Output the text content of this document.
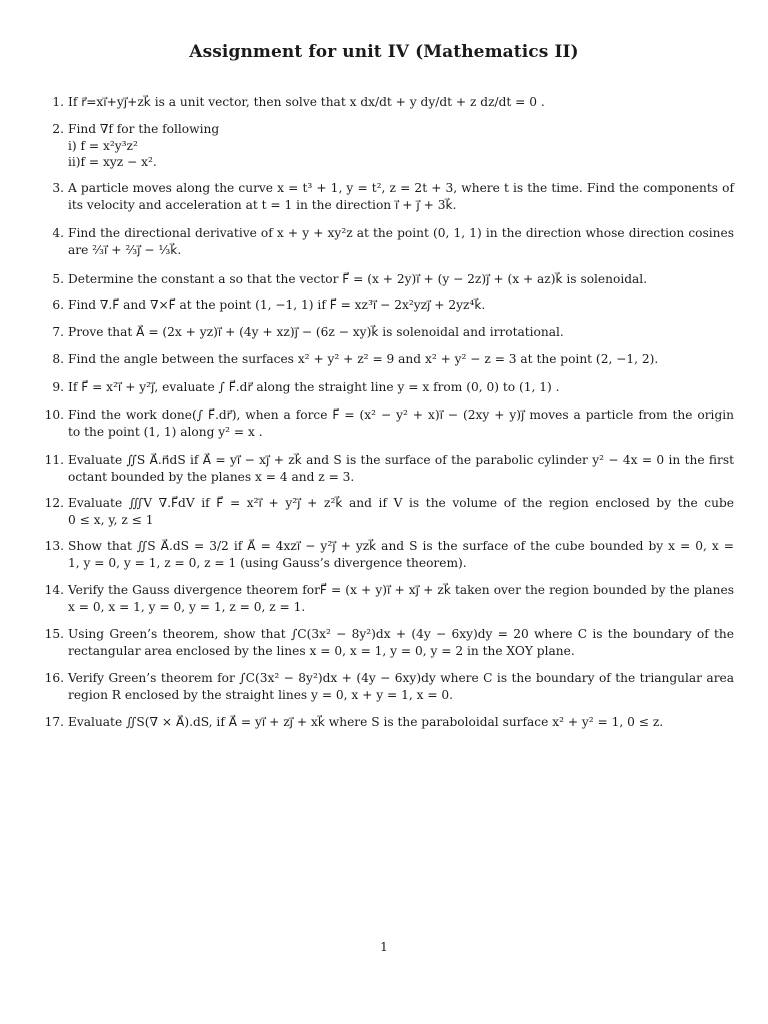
Assignment for unit IV (Mathematics II)
1. If r⃗=xi⃗+yj⃗+zk⃗ is a unit vector, then solve that x dx/dt + y dy/dt + z dz/dt = 0 .
2. Find ∇f for the following
i) f = x²y³z²
ii)f = xyz − x².
3. A particle moves along the curve x = t³ + 1, y = t², z = 2t + 3, where t is the time. Find the components of
its velocity and acceleration at t = 1 in the direction i⃗ + j⃗ + 3k⃗.
4. Find the directional derivative of x + y + xy²z at the point (0, 1, 1) in the direction whose direction cosines
are ⅔i⃗ + ⅔j⃗ − ⅓k⃗.
5. Determine the constant a so that the vector F⃗ = (x + 2y)i⃗ + (y − 2z)j⃗ + (x + az)k⃗ is solenoidal.
6. Find ∇.F⃗ and ∇×F⃗ at the point (1, −1, 1) if F⃗ = xz³i⃗ − 2x²yzj⃗ + 2yz⁴k⃗.
7. Prove that A⃗ = (2x + yz)i⃗ + (4y + xz)j⃗ − (6z − xy)k⃗ is solenoidal and irrotational.
8. Find the angle between the surfaces x² + y² + z² = 9 and x² + y² − z = 3 at the point (2, −1, 2).
9. If F⃗ = x²i⃗ + y²j⃗, evaluate ∫ F⃗.dr⃗ along the straight line y = x from (0, 0) to (1, 1) .
10. Find the work done(∫ F⃗.dr⃗), when a force F⃗ = (x² − y² + x)i⃗ − (2xy + y)j⃗ moves a particle from the origin
to the point (1, 1) along y² = x .
11. Evaluate ∬S A⃗.n⃗dS if A⃗ = yi⃗ − xj⃗ + zk⃗ and S is the surface of the parabolic cylinder y² − 4x = 0 in the first
octant bounded by the planes x = 4 and z = 3.
12. Evaluate ∭V ∇.F⃗dV if F⃗ = x²i⃗ + y²j⃗ + z²k⃗ and if V is the volume of the region enclosed by the cube
0 ≤ x, y, z ≤ 1
13. Show that ∬S A⃗.dS = 3/2 if A⃗ = 4xzi⃗ − y²j⃗ + yzk⃗ and S is the surface of the cube bounded by x = 0, x =
1, y = 0, y = 1, z = 0, z = 1 (using Gauss’s divergence theorem).
14. Verify the Gauss divergence theorem forF⃗ = (x + y)i⃗ + xj⃗ + zk⃗ taken over the region bounded by the planes
x = 0, x = 1, y = 0, y = 1, z = 0, z = 1.
15. Using Green’s theorem, show that ∫C(3x² − 8y²)dx + (4y − 6xy)dy = 20 where C is the boundary of the
rectangular area enclosed by the lines x = 0, x = 1, y = 0, y = 2 in the XOY plane.
16. Verify Green’s theorem for ∫C(3x² − 8y²)dx + (4y − 6xy)dy where C is the boundary of the triangular area
region R enclosed by the straight lines y = 0, x + y = 1, x = 0.
17. Evaluate ∬S(∇ × A⃗).dS, if A⃗ = yi⃗ + zj⃗ + xk⃗ where S is the paraboloidal surface x² + y² = 1, 0 ≤ z.
1
